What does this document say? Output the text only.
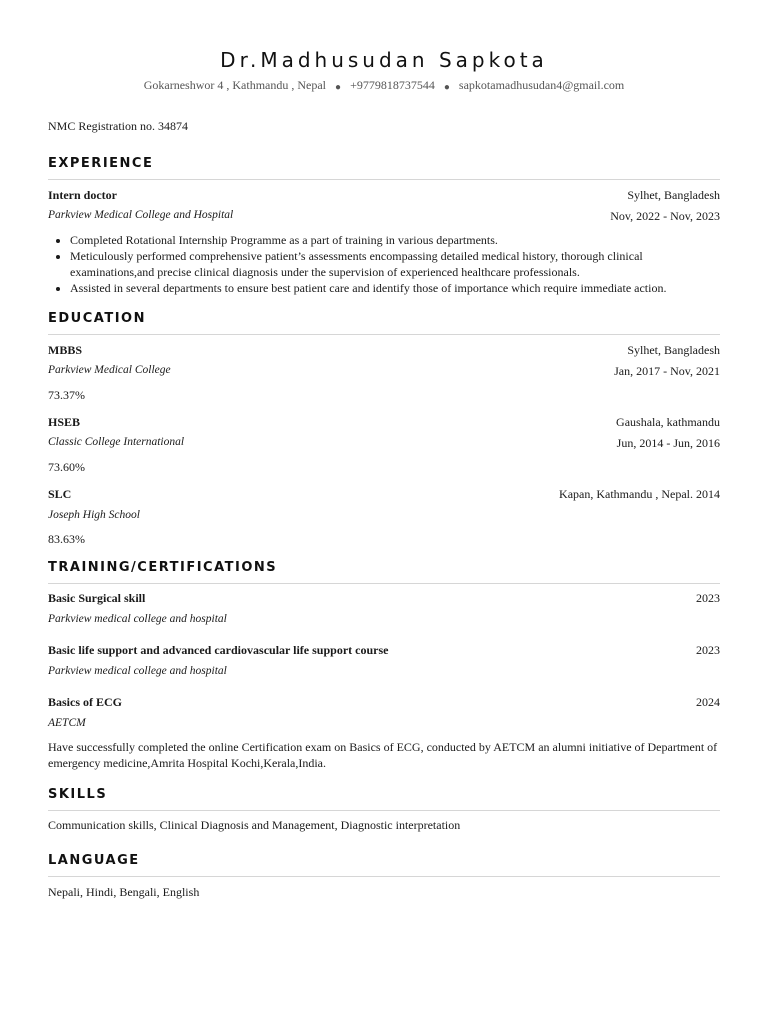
Dr.Madhusudan Sapkota
Gokarneshwor 4 , Kathmandu , Nepal ● +9779818737544 ● sapkotamadhusudan4@gmail.com
NMC Registration no. 34874
EXPERIENCE
Intern doctor	Sylhet, Bangladesh
Parkview Medical College and Hospital	Nov, 2022 - Nov, 2023
• Completed Rotational Internship Programme as a part of training in various departments.
• Meticulously performed comprehensive patient’s assessments encompassing detailed medical history, thorough clinical examinations,and precise clinical diagnosis under the supervision of experienced healthcare professionals.
• Assisted in several departments to ensure best patient care and identify those of importance which require immediate action.
EDUCATION
MBBS	Sylhet, Bangladesh
Parkview Medical College	Jan, 2017 - Nov, 2021
73.37%
HSEB	Gaushala, kathmandu
Classic College International	Jun, 2014 - Jun, 2016
73.60%
SLC	Kapan, Kathmandu , Nepal. 2014
Joseph High School
83.63%
TRAINING/CERTIFICATIONS
Basic Surgical skill	2023
Parkview medical college and hospital
Basic life support and advanced cardiovascular life support course	2023
Parkview medical college and hospital
Basics of ECG	2024
AETCM
Have successfully completed the online Certification exam on Basics of ECG, conducted by AETCM an alumni initiative of Department of emergency medicine,Amrita Hospital Kochi,Kerala,India.
SKILLS
Communication skills, Clinical Diagnosis and Management, Diagnostic interpretation
LANGUAGE
Nepali, Hindi, Bengali, English
